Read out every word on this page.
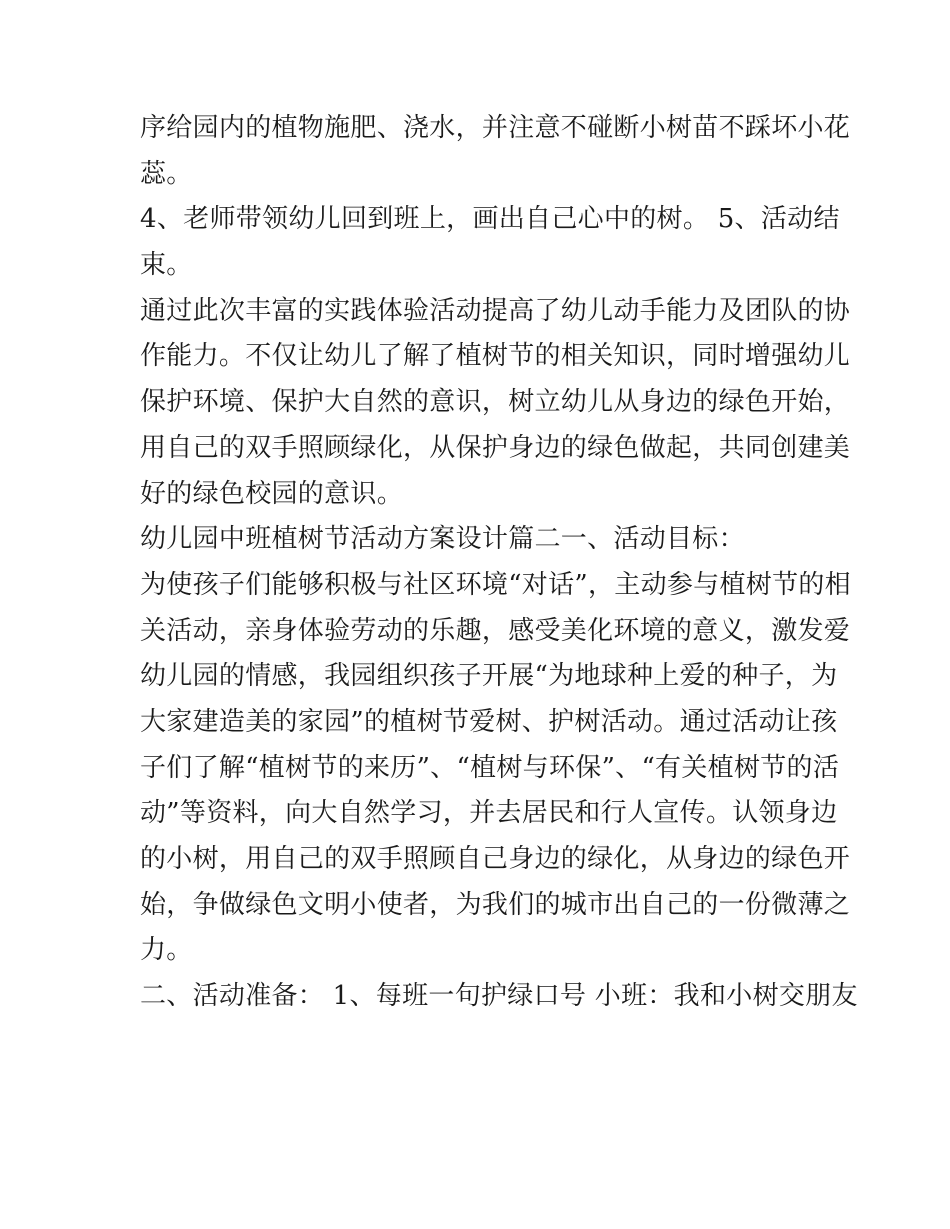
序给园内的植物施肥、浇水，并注意不碰断小树苗不踩坏小花
蕊。
4、老师带领幼儿回到班上，画出自己心中的树。 5、活动结
束。
通过此次丰富的实践体验活动提高了幼儿动手能力及团队的协
作能力。不仅让幼儿了解了植树节的相关知识，同时增强幼儿
保护环境、保护大自然的意识，树立幼儿从身边的绿色开始，
用自己的双手照顾绿化，从保护身边的绿色做起，共同创建美
好的绿色校园的意识。
幼儿园中班植树节活动方案设计篇二一、活动目标：
为使孩子们能够积极与社区环境“对话”，主动参与植树节的相
关活动，亲身体验劳动的乐趣，感受美化环境的意义，激发爱
幼儿园的情感，我园组织孩子开展“为地球种上爱的种子，为
大家建造美的家园”的植树节爱树、护树活动。通过活动让孩
子们了解“植树节的来历”、“植树与环保”、“有关植树节的活
动”等资料，向大自然学习，并去居民和行人宣传。认领身边
的小树，用自己的双手照顾自己身边的绿化，从身边的绿色开
始，争做绿色文明小使者，为我们的城市出自己的一份微薄之
力。
二、活动准备： 1、每班一句护绿口号 小班：我和小树交朋友
